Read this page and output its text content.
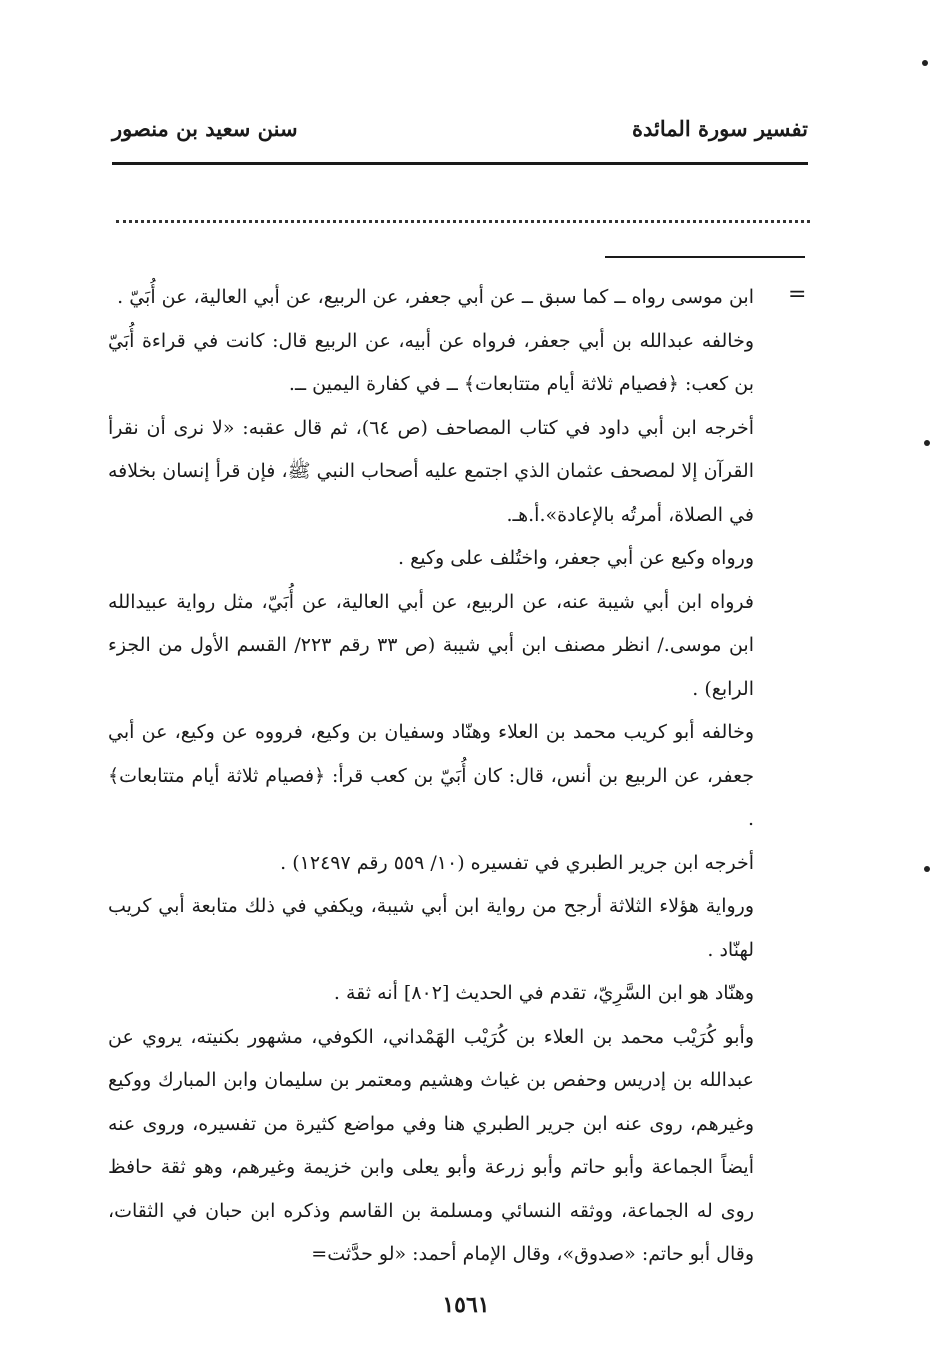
تفسير سورة المائدة
سنن سعيد بن منصور
=

ابن موسى رواه ــ كما سبق ــ عن أبي جعفر، عن الربيع، عن أبي العالية، عن أُبَيّ .

وخالفه عبدالله بن أبي جعفر، فرواه عن أبيه، عن الربيع قال: كانت في قراءة أُبَيّ بن كعب: ﴿فصيام ثلاثة أيام متتابعات﴾ ــ في كفارة اليمين ــ.

أخرجه ابن أبي داود في كتاب المصاحف (ص ٦٤)، ثم قال عقبه: «لا نرى أن نقرأ القرآن إلا لمصحف عثمان الذي اجتمع عليه أصحاب النبي ﷺ، فإن قرأ إنسان بخلافه في الصلاة، أمرتُه بالإعادة».أ.هـ.

ورواه وكيع عن أبي جعفر، واختُلف على وكيع .

فرواه ابن أبي شيبة عنه، عن الربيع، عن أبي العالية، عن أُبَيّ، مثل رواية عبيدالله ابن موسى./ انظر مصنف ابن أبي شيبة (ص ٣٣ رقم ٢٢٣/ القسم الأول من الجزء الرابع) .

وخالفه أبو كريب محمد بن العلاء وهنّاد وسفيان بن وكيع، فرووه عن وكيع، عن أبي جعفر، عن الربيع بن أنس، قال: كان أُبَيّ بن كعب قرأ: ﴿فصيام ثلاثة أيام متتابعات﴾ .

أخرجه ابن جرير الطبري في تفسيره (١٠/ ٥٥٩ رقم ١٢٤٩٧) .

ورواية هؤلاء الثلاثة أرجح من رواية ابن أبي شيبة، ويكفي في ذلك متابعة أبي كريب لهنّاد .

وهنّاد هو ابن السَّرِيّ، تقدم في الحديث [٨٠٢] أنه ثقة .

وأبو كُرَيْب محمد بن العلاء بن كُرَيْب الهَمْداني، الكوفي، مشهور بكنيته، يروي عن عبدالله بن إدريس وحفص بن غياث وهشيم ومعتمر بن سليمان وابن المبارك ووكيع وغيرهم، روى عنه ابن جرير الطبري هنا وفي مواضع كثيرة من تفسيره، وروى عنه أيضاً الجماعة وأبو حاتم وأبو زرعة وأبو يعلى وابن خزيمة وغيرهم، وهو ثقة حافظ روى له الجماعة، ووثقه النسائي ومسلمة بن القاسم وذكره ابن حبان في الثقات، وقال أبو حاتم: «صدوق»، وقال الإمام أحمد: «لو حدَّثت=

١٥٦١
